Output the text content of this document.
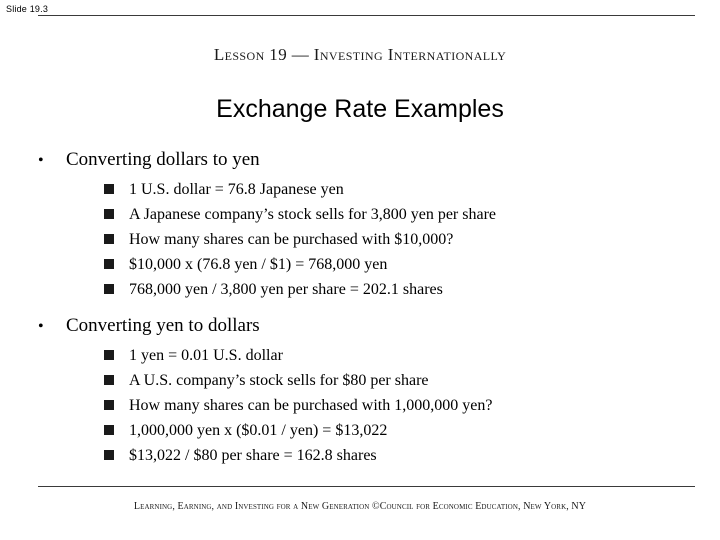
Slide 19.3
Lesson 19 — Investing Internationally
Exchange Rate Examples
•	Converting dollars to yen
1 U.S. dollar = 76.8 Japanese yen
A Japanese company’s stock sells for 3,800 yen per share
How many shares can be purchased with $10,000?
$10,000 x (76.8 yen / $1) = 768,000 yen
768,000 yen / 3,800 yen per share = 202.1 shares
•	Converting yen to dollars
1 yen = 0.01 U.S. dollar
A U.S. company’s stock sells for $80 per share
How many shares can be purchased with 1,000,000 yen?
1,000,000 yen x ($0.01 / yen) = $13,022
$13,022 / $80 per share = 162.8 shares
Learning, Earning, and Investing for a New Generation ©Council for Economic Education, New York, NY
